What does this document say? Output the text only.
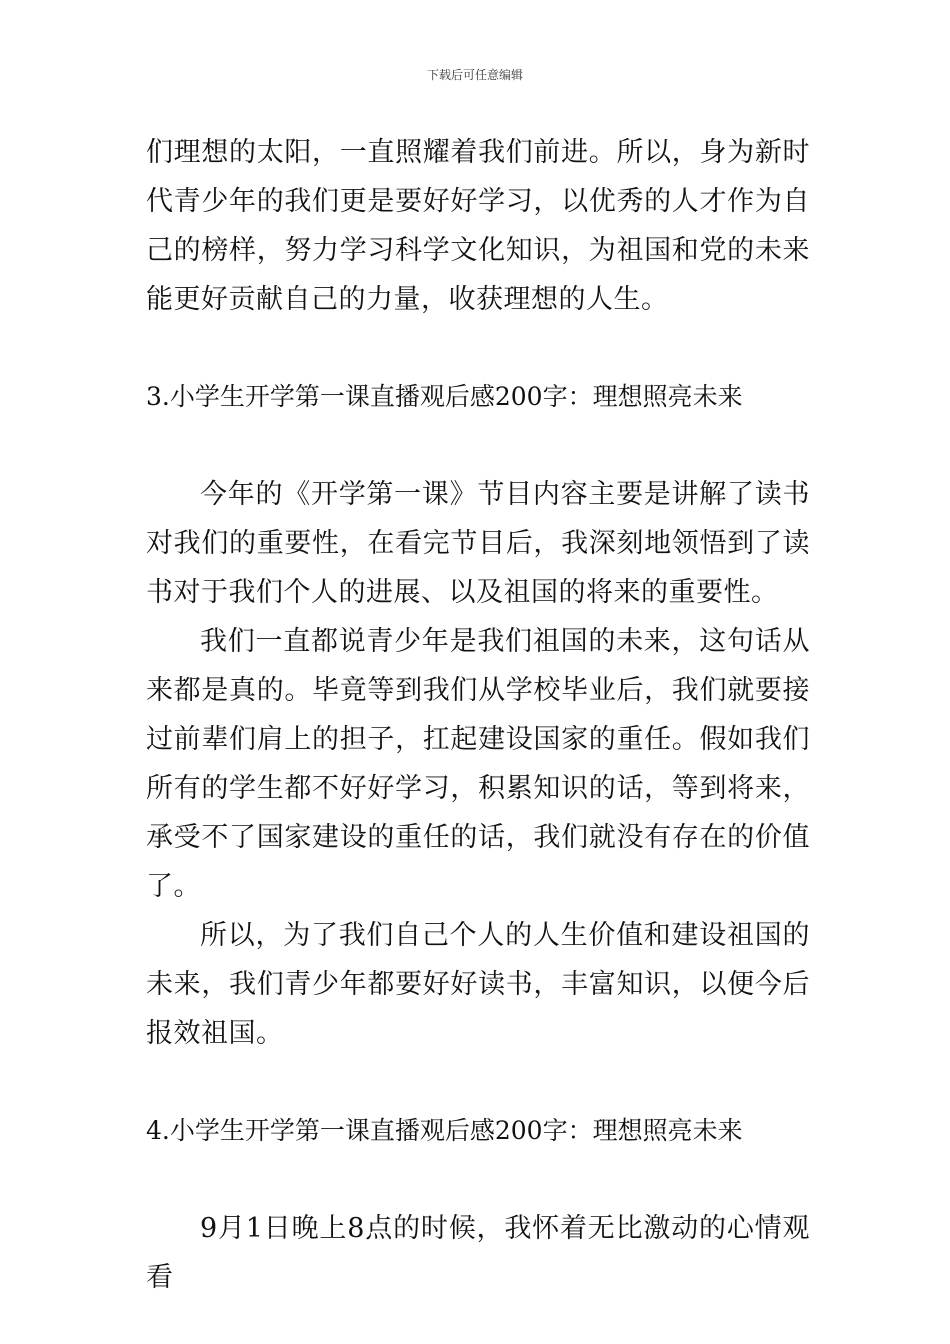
下载后可任意编辑

们理想的太阳，一直照耀着我们前进。所以，身为新时代青少年的我们更是要好好学习，以优秀的人才作为自己的榜样，努力学习科学文化知识，为祖国和党的未来能更好贡献自己的力量，收获理想的人生。

3.小学生开学第一课直播观后感200字：理想照亮未来

今年的《开学第一课》节目内容主要是讲解了读书对我们的重要性，在看完节目后，我深刻地领悟到了读书对于我们个人的进展、以及祖国的将来的重要性。

我们一直都说青少年是我们祖国的未来，这句话从来都是真的。毕竟等到我们从学校毕业后，我们就要接过前辈们肩上的担子，扛起建设国家的重任。假如我们所有的学生都不好好学习，积累知识的话，等到将来，承受不了国家建设的重任的话，我们就没有存在的价值了。

所以，为了我们自己个人的人生价值和建设祖国的未来，我们青少年都要好好读书，丰富知识，以便今后报效祖国。

4.小学生开学第一课直播观后感200字：理想照亮未来

9月1日晚上8点的时候，我怀着无比激动的心情观看
